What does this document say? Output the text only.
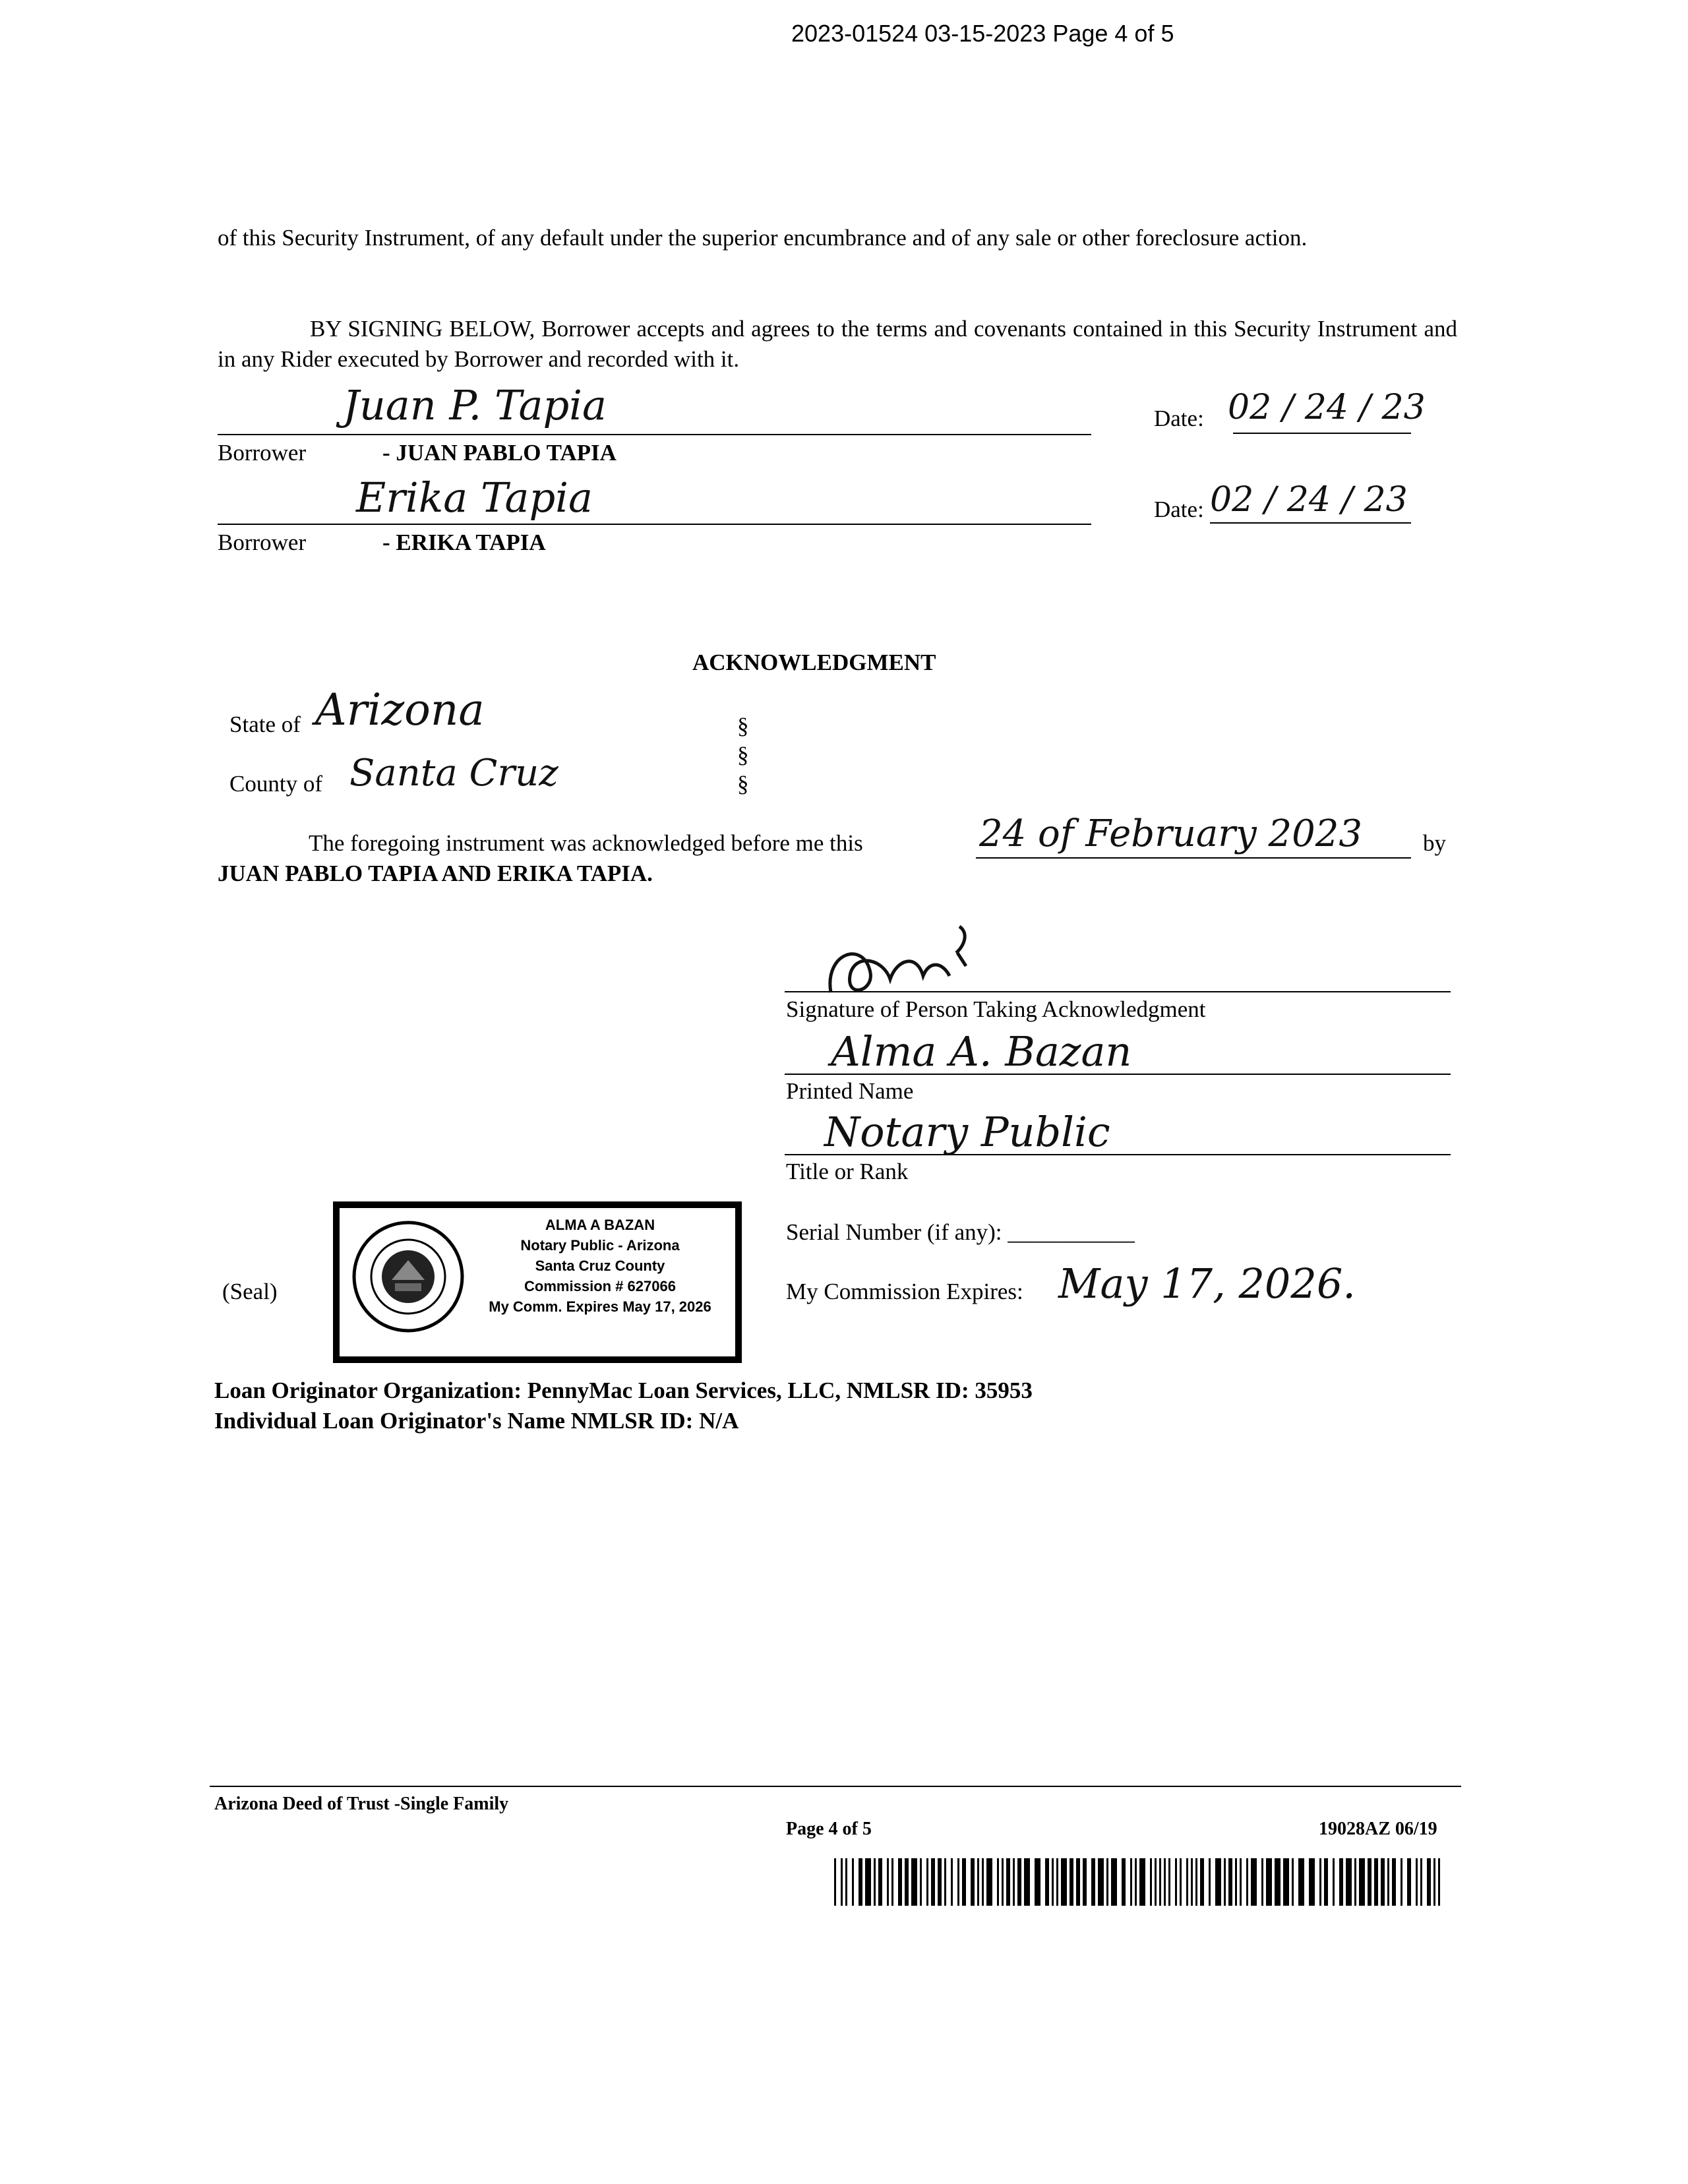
2023-01524 03-15-2023 Page 4 of 5
of this Security Instrument, of any default under the superior encumbrance and of any sale or other foreclosure action.
BY SIGNING BELOW, Borrower accepts and agrees to the terms and covenants contained in this Security Instrument and in any Rider executed by Borrower and recorded with it.
Juan P. Tapia
Borrower	- JUAN PABLO TAPIA
Date: 02 / 24 / 23
Erika Tapia
Borrower	- ERIKA TAPIA
Date: 02 / 24 / 23
ACKNOWLEDGMENT
State of Arizona
County of Santa Cruz
§
§
§
The foregoing instrument was acknowledged before me this	24 of February 2023	by
JUAN PABLO TAPIA AND ERIKA TAPIA.
Signature of Person Taking Acknowledgment
Alma A. Bazan
Printed Name
Notary Public
Title or Rank
Serial Number (if any): ___________
My Commission Expires: May 17, 2026.
(Seal)
ALMA A BAZAN
Notary Public - Arizona
Santa Cruz County
Commission # 627066
My Comm. Expires May 17, 2026
Loan Originator Organization: PennyMac Loan Services, LLC, NMLSR ID: 35953
Individual Loan Originator's Name NMLSR ID: N/A
Arizona Deed of Trust -Single Family
Page 4 of 5	19028AZ 06/19
